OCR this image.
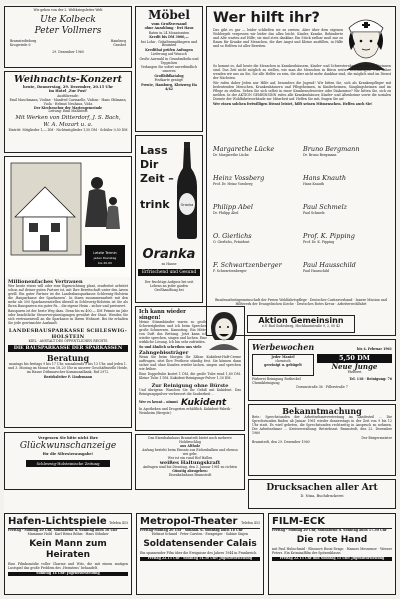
Wir geben von der 2. Weltkriegsleiter Welt
Ute Kolbeck
Peter Vollmers
Bramstedteborg
Krogwiede 6
Hamburg
Grasbet
29. Dezember 1960
Weihnachts-Konzert
heute, Donnerstag, 29. Dezember, 20.15 Uhr
im Hotel ‚Zur Post‘
Ausführende:
Emil Maschmann, Violine · Manfred Carmaelle, Violine · Hans Ohlmann, Viola · Helmut Neuhaus, Viola
Der Kirchenchor der Mariengemeinde
Leitung: Emil Mahlstedt
Mit Werken von Ditterdorf, J. S. Bach,
W. A. Mozart u. a.
Eintritt: Mitglieder 1,— DM · Nichtmitglieder 1,50 DM · Schüler 0,50 DM
Letzte Termin
jeden Dienstag
bis 20.00
Millionenfaches Vertrauen
Wer heute etwas will oder eine Eigenrichtung plant, erarbeitet arbeitet schon auf deiner guten Partner ist, mit Ihre Bereitschaft unter den Arsen gerill. Ein guter Partner ist die Landesbausparkasse Schleswig-Holstein die ‚Bauparkasse der Sparkassen‘. In ihnen zusammenarbeit mit den mehr als 300 Sparkassenstellen überall in Schleswig-Holstein ist Sie als Ihren Bausparern ein guter Pa… die eigene Heim – sicher und preiswert.
Bausparen ist der beste Weg dazu. Denn bis zu 400,— DM Prämie im Jahr oder beachtliche Steuervergünstigungen gewährt der Staat. Wenden Sie sich vertrauensvoll an die Sparkasse in Ihrem Wohnort. Bei ihr erhalten Sie jede gewünschte Auskunft.
LANDESBAUSPARKASSE SCHLESWIG-HOLSTEIN
KIEL · ANSTALT DES ÖFFENTLICHEN RECHTS
DIE BAUSPARKASSE DER SPARKASSEN
Beratung
montags bis freitags 9 bis 17 Uhr, sonnabends 9 bis 13 Uhr, und jeden 1. und 3. Montag im Monat von 18–20 Uhr in unserer Geschäftsstelle Heide, im Hause Dithmarscher Kommunalbank, Ruf 2972.
Bezirksleiter P. Lindemann
Vergessen Sie bitte nicht Ihre
Glückwunschanzeige
für die Silvesterausgabe!
Schleswig-Holsteinische Zeitung
Möbel
vom Großversand
ohne Anzahlung · frei Haus
Raten in 24 Monatsraten
Kredit bis DM 3000,—
bei Lohn-, Gehaltsempfängern und Beamten
Kredithai prüfen Anfragen
Lieferung auf Wunsch
Große Auswahl in Grundmöbeln und Teppichen
Verlangen Sie sofort unverbindlich unseren
Großbildkatalog
Postkarte genügt!
Prente, Hamburg, Klotzweg Ha 4/42
Lass
Dir
Zeit –
trink	Oranka
Oranka
zu Hause
Erfrischend und Gesund
Der fruchtige Aufguss bei seit Lebens an jeder gaufen Großhandlung bei
Wer hilft ihr?
Das gibt es gar — leider schließen sie zu zweien. Aber über dem eigenen Wohlergeh vergessen wir leider das allzu leicht. Kinder, Kranke, Behinderte und Alte warten auf Hilfe; sie sind stets dankbar. Ein Stück zielbar muß nur zu Raum für Kranke und Menschen, die ihre Angst und Kleine ausfüllen, in Hilfe und so Helfern ist aller Bereiten.
So kommt es, daß heute die Menschen in Krankenhäusern, Kinder- und Schwesternheimen ohne Helferinnen sind. Das Zeit nicht möglich zu stellen, wie man die Menschen in Büros weiter beschäftigen. Und daher wenden wir uns an Sie, Sie alle Helfer zu sein, die aber nicht mehr dankbar sind, die möglich sind im Dienst der Nächsten.
Wir rufen daher Jeden nur Hilfe auf, besonders die Jugend! Wir bitten Sie, sich als Krankenpfleger mit bedeutenden Menschen, Krankenhäusern und Pflegeheimen, in Kinderheimen, Säuglingsheimen und im Pflege zu stellen. Sehen Sie sich selbst in einer Krankenschwester oder Diakonisse? Wir bitten Sie, sich zu melden. In der AKTION GEMEINSINN rufen alle Krankenhäuser, Kinder- und Altenheime sowie die sozialen Dienste der Wohlfahrtsverbände zur Mitarbeit auf. Helfen Sie mit, fragen Sie an!
Wer einen solchen freiwilligen Dienst leistet, hilft seinen Mitmenschen. Helfen auch Sie!
Margarethe Lücke
Dr. Margarethe Lücke
Bruno Bergmann
Dr. Bruno Bergmann
Heinz Vossberg
Prof. Dr. Heinz Vossberg
Hans Knauth
Hans Knauth
Philipp Abel
Dr. Philipp Abel
Paul Schmelz
Paul Schmelz
O. Gierlichs
O. Gierlichs, Präsident
Prof. K. Pipping
Prof. Dr. K. Pipping
F. Schwartzenberger
F. Schwartzenberger
Paul Hausschild
Paul Hausschild
Bundesarbeitsgemeinschaft der Freien Wohlfahrtspflege · Deutscher Caritasverband · Innere Mission und Hilfswerk der Evangelischen Kirche · Deutsches Rotes Kreuz · Arbeiterwohlfahrt
Aktion Gemeinsinn
e.V. Bad Godesberg, Hochhausstraße 9, 2, 00 42
Ich kann wieder singen!
Meine Stimmbänder waren so große Schwierigkeiten und ich beim Sprechen große Schmerzen. Kannsting. Ein Mittel von Duft das Rettung. Jetzt kann ich wieder sprechen, singen und lachen. Eine wirkliche Lösung. Ich bin sehr zufrieden.
So und ähnlich schreiben uns viele
Zahngebissträger
Wenn Sie beim Morgen Ihr Zähne Kukident-Haft-Creme auftragen, sitzt Ihre Prothese ständig fest. Sie können dann sicher und ohne Kunden wieder lachen, singen und sprechen wie früher.
Eine Doppeltube kostet 1 DM, die große Tube rund 1,80 DM. Kleine Tube 1 DM. Kukident-Reinigungs-Pulver 1,30 DM.
Zur Reinigung ohne Bürste
Und übrigens: Waschen Sie Ihr Gebiß mit Kukident. Das Reinigungspulver verbessert die Sauberkeit …
Wer es kennt – nimmt Kukident
In Apotheken und Drogerien erhältlich. Kukident-Fabrik · Weinheim (Bergstr.)
Werbewochen	bis 4. Februar 1961
Jeder Mantel
chemisch
gereinigt u. gebügelt
5,50 DM
Neue Junge
Färberei
Färberei Reinigung Rutbeckel Chemikleinigung
Tel. 118 · Reinigung: 76
Dorumstraße 36 · Fillerstraße 7
Bekanntmachung
Betr.: Sprechstunden der Arbeitnehmervertretung im Landesteil … Die Sprechstunden finden ab Januar 1961 wieder donnerstags in der Zeit von 9 bis 12 Uhr statt. Es wird gebeten, die Sprechstunden rechtzeitig in Anspruch zu nehmen. Die Arbeitnehmer … Kreisverwaltung: Betriebsrat. Bramstedt, den 22. Dezember 1960
Der Bürgermeister
Bramstedt, den 29. Dezember 1960
Das Eisenbahnhaus Bramstedt bietet noch mehrere Holzbeschlag
aus Altholz
Anfang besteht beim Einsatz aus Eichenbalken und ebenso
wei gebr.
Wer ist ein rund Hof Hallen
weißes Haltungskraft
Anfragen sind bis Dienstag, den 3. Januar 1961 zu richten
Günstig abzugeben:
Eisenbahnhaus Bramstedt
Drucksachen aller Art
D. Nina, Buchdruckerei
Hafen-Lichtspiele Telefon 453
Freitag - Montag 20 Uhr, Sonnabend u. Sonntag auch 16 Uhr
Marianne Hold · Karl Heinz Böhm · Hans Söhnker
Kein Mann zum Heiraten
Eine Filmkomödie voller Charme und Witz, die mit einem mutigen Lustspiel das große Problem des ‚Heiratens‘ behandelt.
Sonntag 14 Uhr: Jugendvorstellung
Metropol-Theater Telefon 453
Freitag-Montag 20 Uhr · Sonnab. u. Sonntag auch 16 Uhr
Helmut Schmid · Peter Carsten · Ewageiger · Sabine Sinjen
Soldatensender Calais
Ein spannender Film über die Ereignisse des Jahres 1944 in Frankreich.
Freitag 22.15 Uhr · Sonntag 14.30 Uhr: Jugendvorstellung
FILM-ECK
Freitag - Montag 20 Uhr, Sonnabend u. Sonntag auch 17.30 Uhr
Die rote Hand
mit Paul Hubschmid · Eleonore Rossi-Drago · Hannes Messemer · Werner Peters. Ein Kriminalfilm der Spitzenklasse.
Freitag 22.15 Uhr und Sonntag 15 Uhr: Jugendvorstellung
